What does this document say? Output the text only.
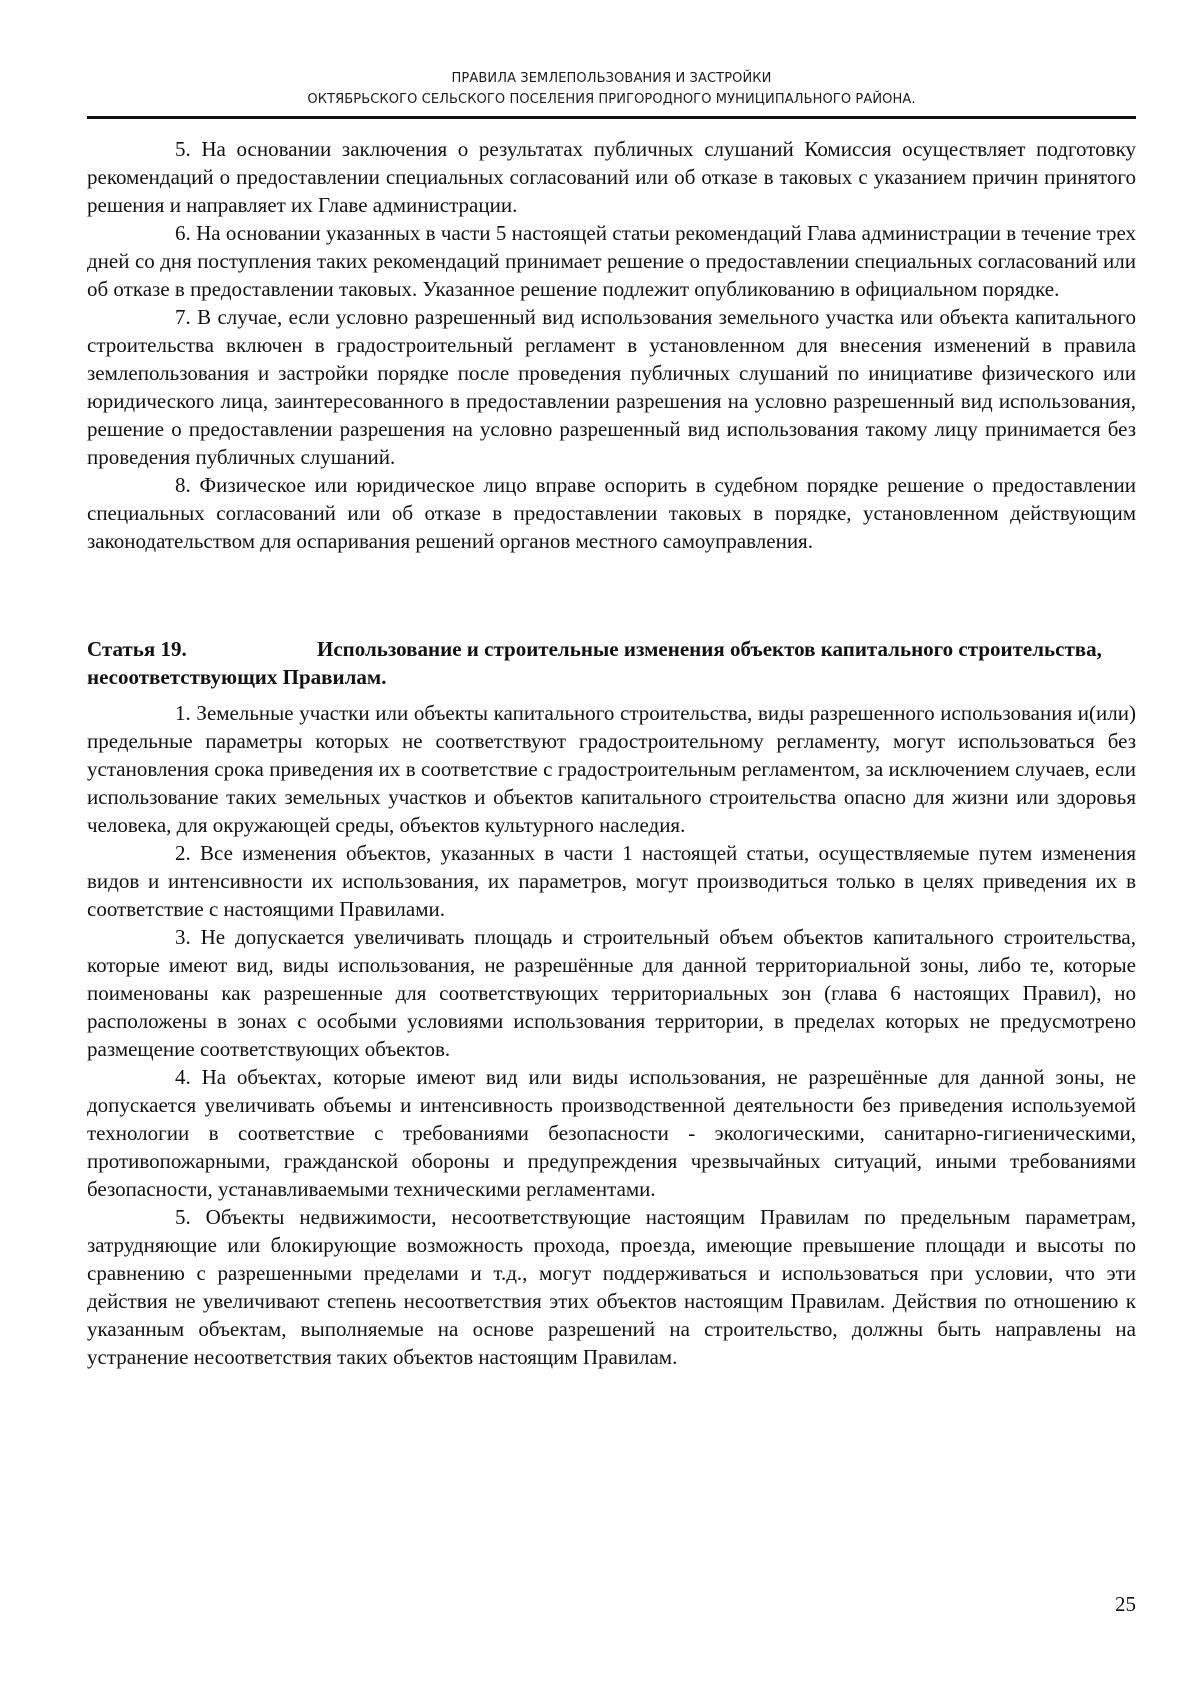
ПРАВИЛА ЗЕМЛЕПОЛЬЗОВАНИЯ И ЗАСТРОЙКИ
ОКТЯБРЬСКОГО СЕЛЬСКОГО ПОСЕЛЕНИЯ ПРИГОРОДНОГО МУНИЦИПАЛЬНОГО РАЙОНА.

5. На основании заключения о результатах публичных слушаний Комиссия осуществляет подготовку рекомендаций о предоставлении специальных согласований или об отказе в таковых с указанием причин принятого решения и направляет их Главе администрации.

6. На основании указанных в части 5 настоящей статьи рекомендаций Глава администрации в течение трех дней со дня поступления таких рекомендаций принимает решение о предоставлении специальных согласований или об отказе в предоставлении таковых. Указанное решение подлежит опубликованию в официальном порядке.

7. В случае, если условно разрешенный вид использования земельного участка или объекта капитального строительства включен в градостроительный регламент в установленном для внесения изменений в правила землепользования и застройки порядке после проведения публичных слушаний по инициативе физического или юридического лица, заинтересованного в предоставлении разрешения на условно разрешенный вид использования, решение о предоставлении разрешения на условно разрешенный вид использования такому лицу принимается без проведения публичных слушаний.

8. Физическое или юридическое лицо вправе оспорить в судебном порядке решение о предоставлении специальных согласований или об отказе в предоставлении таковых в порядке, установленном действующим законодательством для оспаривания решений органов местного самоуправления.

Статья 19.	Использование и строительные изменения объектов капитального строительства, несоответствующих Правилам.

1. Земельные участки или объекты капитального строительства, виды разрешенного использования и(или) предельные параметры которых не соответствуют градостроительному регламенту, могут использоваться без установления срока приведения их в соответствие с градостроительным регламентом, за исключением случаев, если использование таких земельных участков и объектов капитального строительства опасно для жизни или здоровья человека, для окружающей среды, объектов культурного наследия.

2. Все изменения объектов, указанных в части 1 настоящей статьи, осуществляемые путем изменения видов и интенсивности их использования, их параметров, могут производиться только в целях приведения их в соответствие с настоящими Правилами.

3. Не допускается увеличивать площадь и строительный объем объектов капитального строительства, которые имеют вид, виды использования, не разрешённые для данной территориальной зоны, либо те, которые поименованы как разрешенные для соответствующих территориальных зон (глава 6 настоящих Правил), но расположены в зонах с особыми условиями использования территории, в пределах которых не предусмотрено размещение соответствующих объектов.

4. На объектах, которые имеют вид или виды использования, не разрешённые для данной зоны, не допускается увеличивать объемы и интенсивность производственной деятельности без приведения используемой технологии в соответствие с требованиями безопасности - экологическими, санитарно-гигиеническими, противопожарными, гражданской обороны и предупреждения чрезвычайных ситуаций, иными требованиями безопасности, устанавливаемыми техническими регламентами.

5. Объекты недвижимости, несоответствующие настоящим Правилам по предельным параметрам, затрудняющие или блокирующие возможность прохода, проезда, имеющие превышение площади и высоты по сравнению с разрешенными пределами и т.д., могут поддерживаться и использоваться при условии, что эти действия не увеличивают степень несоответствия этих объектов настоящим Правилам. Действия по отношению к указанным объектам, выполняемые на основе разрешений на строительство, должны быть направлены на устранение несоответствия таких объектов настоящим Правилам.

25
